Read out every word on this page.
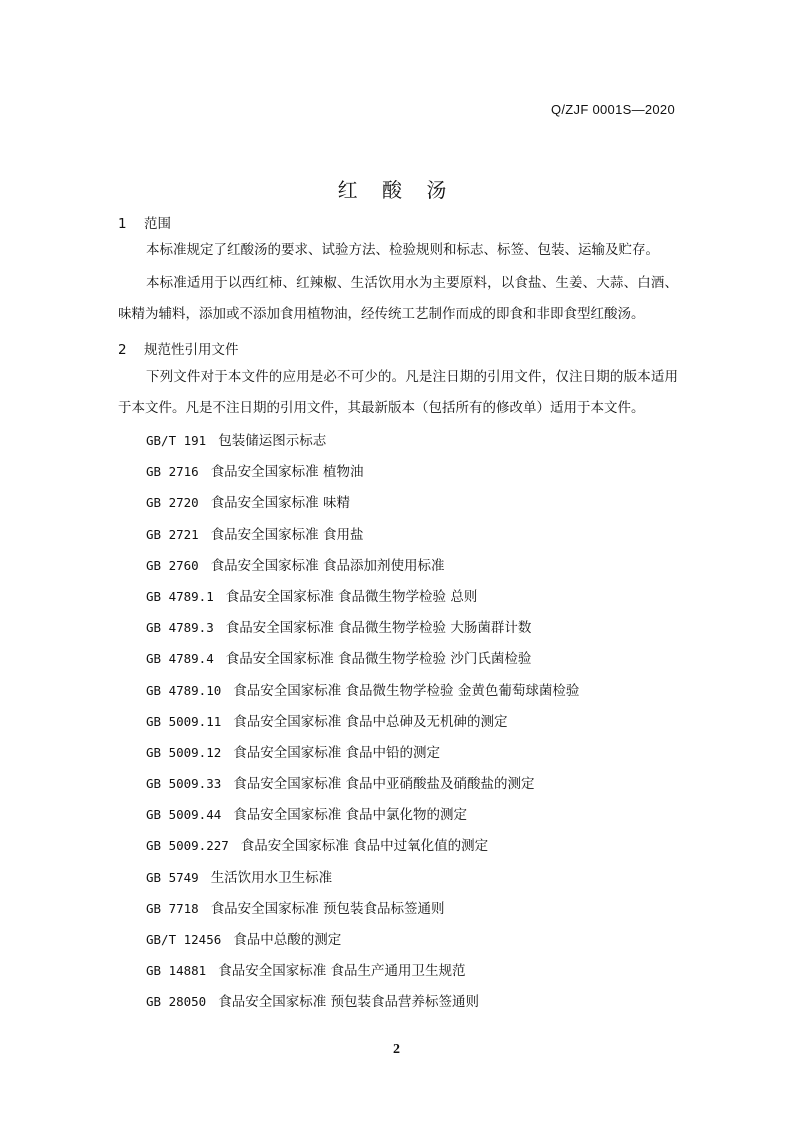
Q/ZJF 0001S—2020
红 酸 汤
1 范围
本标准规定了红酸汤的要求、试验方法、检验规则和标志、标签、包装、运输及贮存。
本标准适用于以西红柿、红辣椒、生活饮用水为主要原料，以食盐、生姜、大蒜、白酒、味精为辅料，添加或不添加食用植物油，经传统工艺制作而成的即食和非即食型红酸汤。
2 规范性引用文件
下列文件对于本文件的应用是必不可少的。凡是注日期的引用文件，仅注日期的版本适用于本文件。凡是不注日期的引用文件，其最新版本（包括所有的修改单）适用于本文件。
GB/T 191 包装储运图示标志
GB 2716 食品安全国家标准 植物油
GB 2720 食品安全国家标准 味精
GB 2721 食品安全国家标准 食用盐
GB 2760 食品安全国家标准 食品添加剂使用标准
GB 4789.1 食品安全国家标准 食品微生物学检验 总则
GB 4789.3 食品安全国家标准 食品微生物学检验 大肠菌群计数
GB 4789.4 食品安全国家标准 食品微生物学检验 沙门氏菌检验
GB 4789.10 食品安全国家标准 食品微生物学检验 金黄色葡萄球菌检验
GB 5009.11 食品安全国家标准 食品中总砷及无机砷的测定
GB 5009.12 食品安全国家标准 食品中铅的测定
GB 5009.33 食品安全国家标准 食品中亚硝酸盐及硝酸盐的测定
GB 5009.44 食品安全国家标准 食品中氯化物的测定
GB 5009.227 食品安全国家标准 食品中过氧化值的测定
GB 5749 生活饮用水卫生标准
GB 7718 食品安全国家标准 预包装食品标签通则
GB/T 12456 食品中总酸的测定
GB 14881 食品安全国家标准 食品生产通用卫生规范
GB 28050 食品安全国家标准 预包装食品营养标签通则
2
